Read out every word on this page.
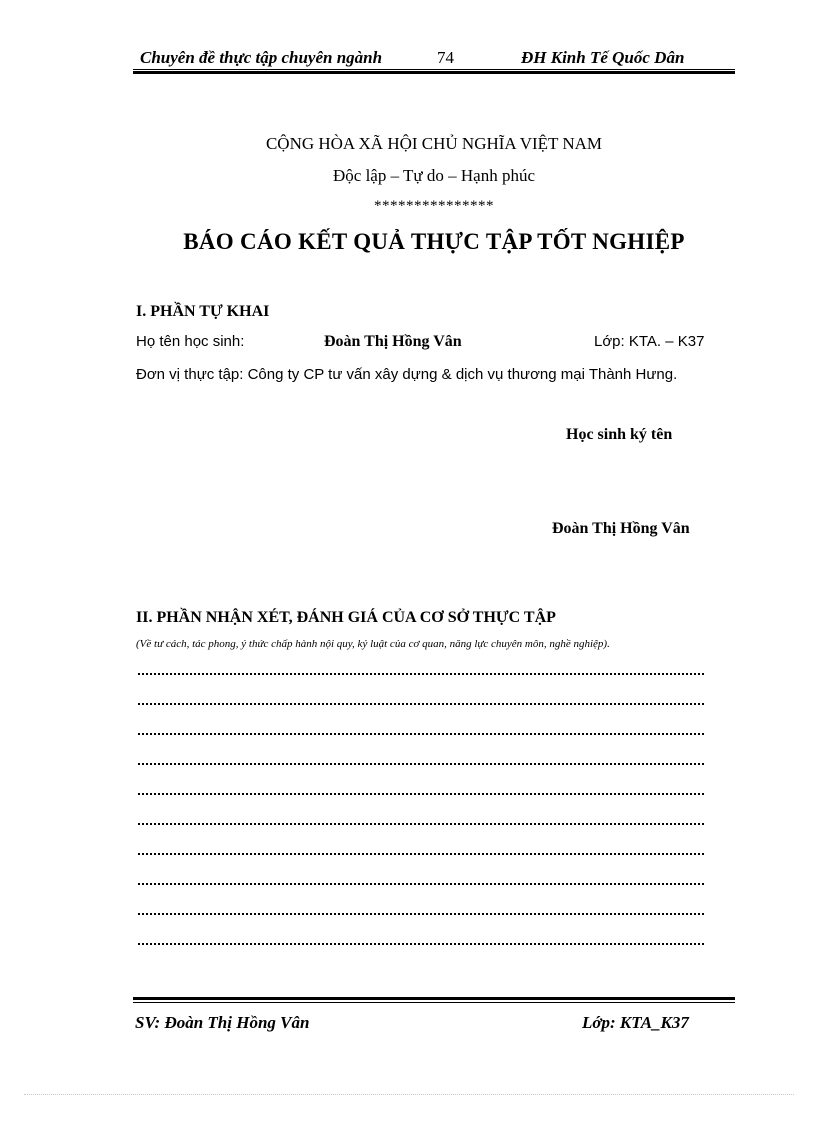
Chuyên đề thực tập chuyên ngành	74	ĐH Kinh Tế Quốc Dân
CỘNG HÒA XÃ HỘI CHỦ NGHĨA VIỆT NAM
Độc lập – Tự do – Hạnh phúc
***************
BÁO CÁO KẾT QUẢ THỰC TẬP TỐT NGHIỆP
I. PHẦN TỰ KHAI
Họ tên học sinh:	Đoàn Thị Hồng Vân	Lớp: KTA. – K37
Đơn vị thực tập: Công ty CP tư vấn xây dựng & dịch vụ thương mại Thành Hưng.
Học sinh ký tên
Đoàn Thị Hồng Vân
II. PHẦN NHẬN XÉT, ĐÁNH GIÁ CỦA CƠ SỞ THỰC TẬP
(Về tư cách, tác phong, ý thức chấp hành nội quy, kỷ luật của cơ quan, năng lực chuyên môn, nghề nghiệp).
SV: Đoàn Thị Hồng Vân	Lớp: KTA_K37
